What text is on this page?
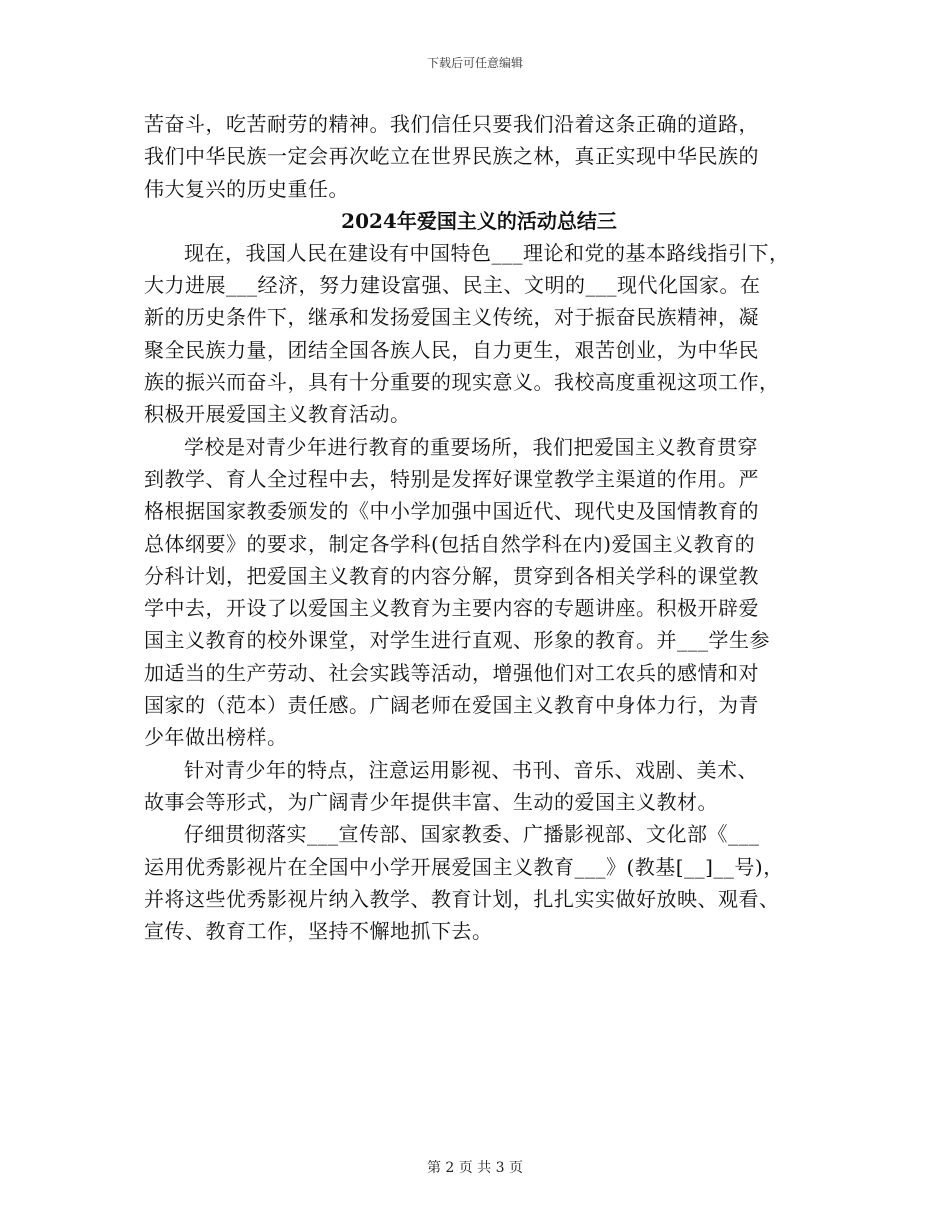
下载后可任意编辑
苦奋斗，吃苦耐劳的精神。我们信任只要我们沿着这条正确的道路，
我们中华民族一定会再次屹立在世界民族之林，真正实现中华民族的
伟大复兴的历史重任。
2024年爱国主义的活动总结三
现在，我国人民在建设有中国特色___理论和党的基本路线指引下，
大力进展___经济，努力建设富强、民主、文明的___现代化国家。在
新的历史条件下，继承和发扬爱国主义传统，对于振奋民族精神，凝
聚全民族力量，团结全国各族人民，自力更生，艰苦创业，为中华民
族的振兴而奋斗，具有十分重要的现实意义。我校高度重视这项工作，
积极开展爱国主义教育活动。
学校是对青少年进行教育的重要场所，我们把爱国主义教育贯穿
到教学、育人全过程中去，特别是发挥好课堂教学主渠道的作用。严
格根据国家教委颁发的《中小学加强中国近代、现代史及国情教育的
总体纲要》的要求，制定各学科(包括自然学科在内)爱国主义教育的
分科计划，把爱国主义教育的内容分解，贯穿到各相关学科的课堂教
学中去，开设了以爱国主义教育为主要内容的专题讲座。积极开辟爱
国主义教育的校外课堂，对学生进行直观、形象的教育。并___学生参
加适当的生产劳动、社会实践等活动，增强他们对工农兵的感情和对
国家的（范本）责任感。广阔老师在爱国主义教育中身体力行，为青
少年做出榜样。
针对青少年的特点，注意运用影视、书刊、音乐、戏剧、美术、
故事会等形式，为广阔青少年提供丰富、生动的爱国主义教材。
仔细贯彻落实___宣传部、国家教委、广播影视部、文化部《___
运用优秀影视片在全国中小学开展爱国主义教育___》(教基[__]__号)，
并将这些优秀影视片纳入教学、教育计划，扎扎实实做好放映、观看、
宣传、教育工作，坚持不懈地抓下去。
第 2 页 共 3 页
